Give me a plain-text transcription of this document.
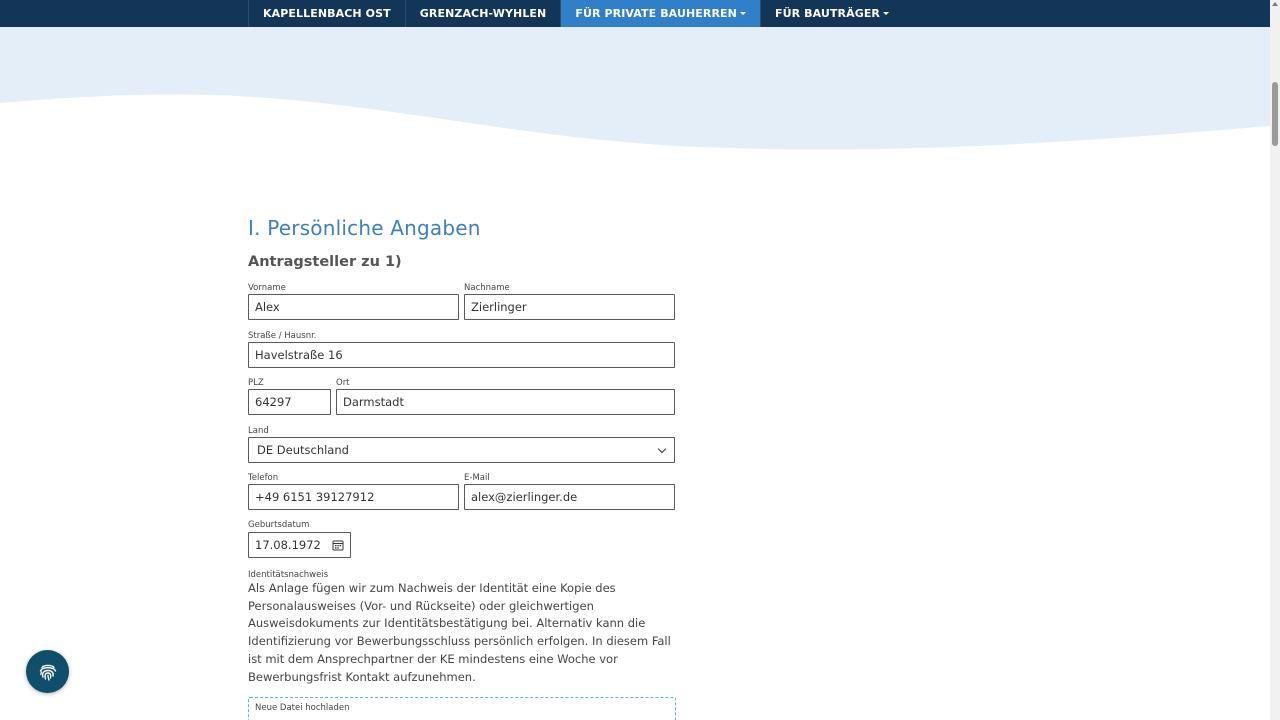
KAPELLENBACH OST	GRENZACH-WYHLEN	FÜR PRIVATE BAUHERREN	FÜR BAUTRÄGER
I. Persönliche Angaben
Antragsteller zu 1)
Vorname
Alex
Nachname
Zierlinger
Straße / Hausnr.
Havelstraße 16
PLZ
64297
Ort
Darmstadt
Land
DE Deutschland
Telefon
+49 6151 39127912
E-Mail
alex@zierlinger.de
Geburtsdatum
17.08.1972
Identitätsnachweis

Als Anlage fügen wir zum Nachweis der Identität eine Kopie des Personalausweises (Vor- und Rückseite) oder gleichwertigen Ausweisdokuments zur Identitätsbestätigung bei. Alternativ kann die Identifizierung vor Bewerbungsschluss persönlich erfolgen. In diesem Fall ist mit dem Ansprechpartner der KE mindestens eine Woche vor Bewerbungsfrist Kontakt aufzunehmen.

Neue Datei hochladen
